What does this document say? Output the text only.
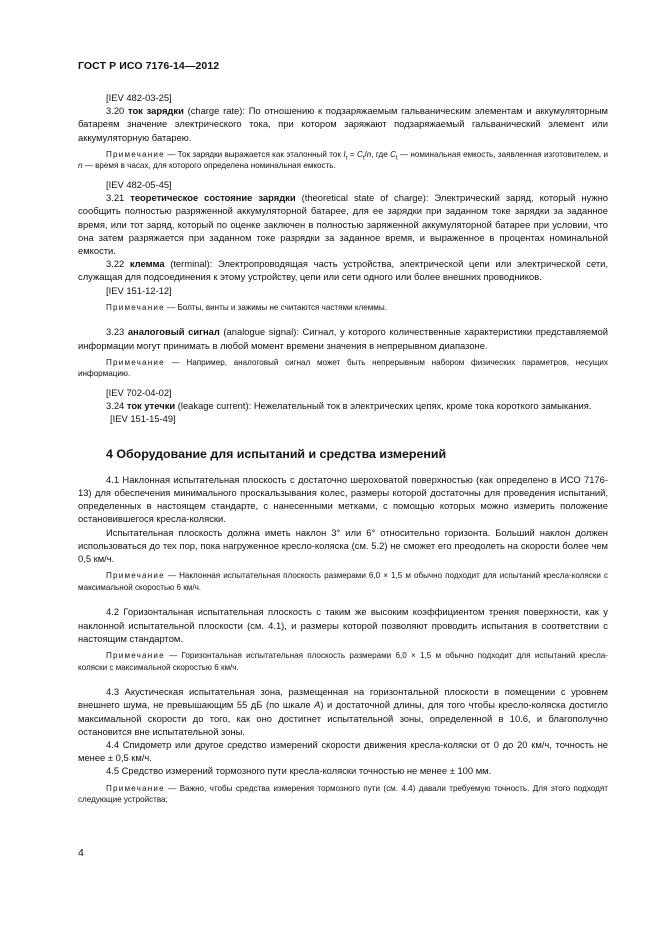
ГОСТ Р ИСО 7176-14—2012

[IEV 482-03-25]

3.20 ток зарядки (charge rate): По отношению к подзаряжаемым гальваническим элементам и аккумуляторным батареям значение электрического тока, при котором заряжают подзаряжаемый гальванический элемент или аккумуляторную батарею.

Примечание — Ток зарядки выражается как эталонный ток $I_r = C_t/n$, где $C_t$ — номинальная емкость, заявленная изготовителем, и n — время в часах, для которого определена номинальная емкость.

[IEV 482-05-45]

3.21 теоретическое состояние зарядки (theoretical state of charge): Электрический заряд, который нужно сообщить полностью разряженной аккумуляторной батарее, для ее зарядки при заданном токе зарядки за заданное время, или тот заряд, который по оценке заключен в полностью заряженной аккумуляторной батарее при условии, что она затем разряжается при заданном токе разрядки за заданное время, и выраженное в процентах номинальной емкости.

3.22 клемма (terminal): Электропроводящая часть устройства, электрической цепи или электрической сети, служащая для подсоединения к этому устройству, цепи или сети одного или более внешних проводников.

[IEV 151-12-12]

Примечание — Болты, винты и зажимы не считаются частями клеммы.

3.23 аналоговый сигнал (analogue signal): Сигнал, у которого количественные характеристики представляемой информации могут принимать в любой момент времени значения в непрерывном диапазоне.

Примечание — Например, аналоговый сигнал может быть непрерывным набором физических параметров, несущих информацию.

[IEV 702-04-02]

3.24 ток утечки (leakage current): Нежелательный ток в электрических цепях, кроме тока короткого замыкания.

[IEV 151-15-49]

4 Оборудование для испытаний и средства измерений

4.1 Наклонная испытательная плоскость с достаточно шероховатой поверхностью (как определено в ИСО 7176-13) для обеспечения минимального проскальзывания колес, размеры которой достаточны для проведения испытаний, определенных в настоящем стандарте, с нанесенными метками, с помощью которых можно измерить положение остановившегося кресла-коляски.

Испытательная плоскость должна иметь наклон 3° или 6° относительно горизонта. Больший наклон должен использоваться до тех пор, пока нагруженное кресло-коляска (см. 5.2) не сможет его преодолеть на скорости более чем 0,5 км/ч.

Примечание — Наклонная испытательная плоскость размерами 6,0 × 1,5 м обычно подходит для испытаний кресла-коляски с максимальной скоростью 6 км/ч.

4.2 Горизонтальная испытательная плоскость с таким же высоким коэффициентом трения поверхности, как у наклонной испытательной плоскости (см. 4.1), и размеры которой позволяют проводить испытания в соответствии с настоящим стандартом.

Примечание — Горизонтальная испытательная плоскость размерами 6,0 × 1,5 м обычно подходит для испытаний кресла-коляски с максимальной скоростью 6 км/ч.

4.3 Акустическая испытательная зона, размещенная на горизонтальной плоскости в помещении с уровнем внешнего шума, не превышающим 55 дБ (по шкале A) и достаточной длины, для того чтобы кресло-коляска достигло максимальной скорости до того, как оно достигнет испытательной зоны, определенной в 10.6, и благополучно остановится вне испытательной зоны.

4.4 Спидометр или другое средство измерений скорости движения кресла-коляски от 0 до 20 км/ч, точность не менее ± 0,5 км/ч.

4.5 Средство измерений тормозного пути кресла-коляски точностью не менее ± 100 мм.

Примечание — Важно, чтобы средства измерения тормозного пути (см. 4.4) давали требуемую точность. Для этого подходят следующие устройства:

4
